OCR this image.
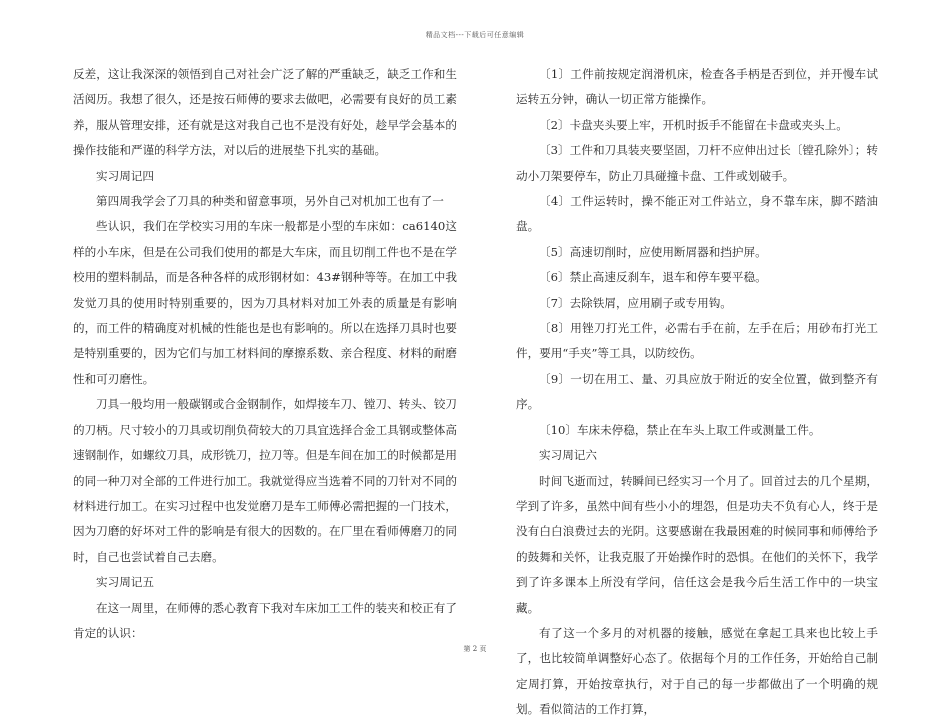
精品文档---下载后可任意编辑

反差，这让我深深的领悟到自己对社会广泛了解的严重缺乏，缺乏工作和生活阅历。我想了很久，还是按石师傅的要求去做吧，必需要有良好的员工素养，服从管理安排，还有就是这对我自己也不是没有好处，趁早学会基本的操作技能和严谨的科学方法，对以后的进展垫下扎实的基础。

实习周记四

第四周我学会了刀具的种类和留意事项，另外自己对机加工也有了一

些认识，我们在学校实习用的车床一般都是小型的车床如：ca6140这样的小车床，但是在公司我们使用的都是大车床，而且切削工件也不是在学校用的塑料制品，而是各种各样的成形钢材如：43#钢种等等。在加工中我发觉刀具的使用时特别重要的，因为刀具材料对加工外表的质量是有影响的，而工件的精确度对机械的性能也是也有影响的。所以在选择刀具时也要是特别重要的，因为它们与加工材料间的摩擦系数、亲合程度、材料的耐磨性和可刃磨性。

刀具一般均用一般碳钢或合金钢制作，如焊接车刀、镗刀、转头、铰刀的刀柄。尺寸较小的刀具或切削负荷较大的刀具宜选择合金工具钢或整体高速钢制作，如螺纹刀具，成形铣刀，拉刀等。但是车间在加工的时候都是用的同一种刀对全部的工件进行加工。我就觉得应当选着不同的刀针对不同的材料进行加工。在实习过程中也发觉磨刀是车工师傅必需把握的一门技术，因为刀磨的好坏对工件的影响是有很大的因数的。在厂里在看师傅磨刀的同时，自己也尝试着自己去磨。

实习周记五

在这一周里，在师傅的悉心教育下我对车床加工工件的装夹和校正有了肯定的认识：

〔1〕工件前按规定润滑机床，检查各手柄是否到位，并开慢车试运转五分钟，确认一切正常方能操作。

〔2〕卡盘夹头要上牢，开机时扳手不能留在卡盘或夹头上。

〔3〕工件和刀具装夹要坚固，刀杆不应伸出过长〔镗孔除外〕；转动小刀架要停车，防止刀具碰撞卡盘、工件或划破手。

〔4〕工件运转时，操不能正对工件站立，身不靠车床，脚不踏油盘。

〔5〕高速切削时，应使用断屑器和挡护屏。

〔6〕禁止高速反刹车，退车和停车要平稳。

〔7〕去除铁屑，应用刷子或专用钩。

〔8〕用锉刀打光工件，必需右手在前，左手在后；用砂布打光工件，要用“手夹”等工具，以防绞伤。

〔9〕一切在用工、量、刃具应放于附近的安全位置，做到整齐有序。

〔10〕车床未停稳，禁止在车头上取工件或测量工件。

实习周记六

时间飞逝而过，转瞬间已经实习一个月了。回首过去的几个星期，学到了许多，虽然中间有些小小的埋怨，但是功夫不负有心人，终于是没有白白浪费过去的光阴。这要感谢在我最困难的时候同事和师傅给予的鼓舞和关怀，让我克服了开始操作时的恐惧。在他们的关怀下，我学到了许多课本上所没有学问，信任这会是我今后生活工作中的一块宝藏。

有了这一个多月的对机器的接触，感觉在拿起工具来也比较上手了，也比较简单调整好心态了。依据每个月的工作任务，开始给自己制定周打算，开始按章执行，对于自己的每一步都做出了一个明确的规划。看似简洁的工作打算，

第 2 页
